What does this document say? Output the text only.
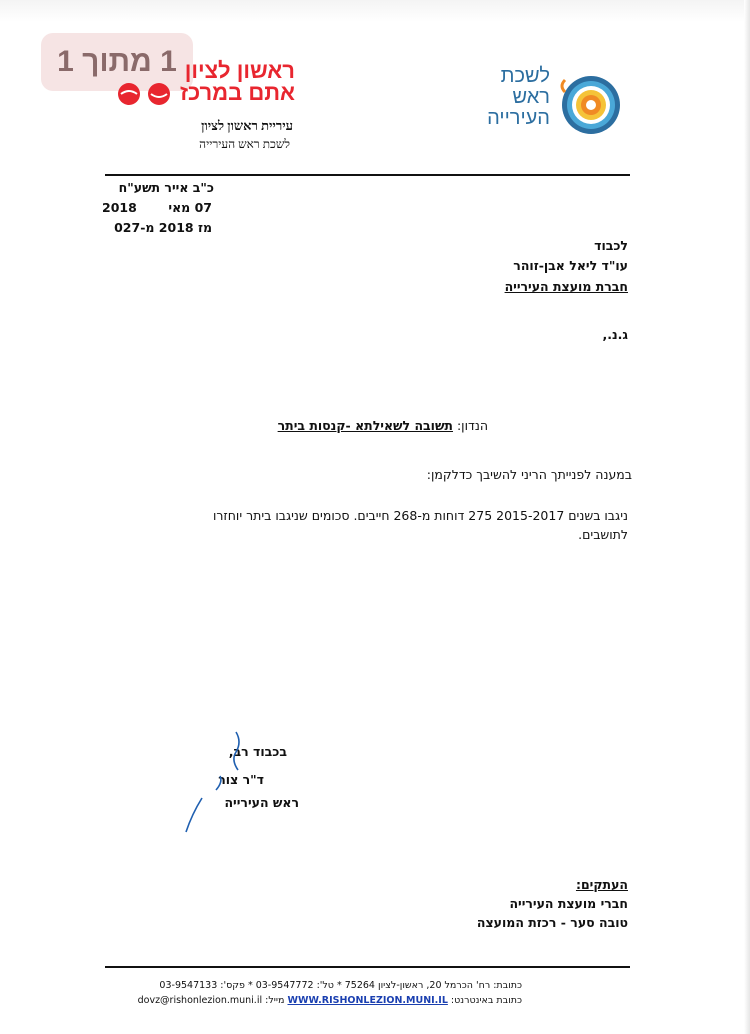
1 מתוך 1 ראשון לציון
אתם במרכז
עיריית ראשון לציון
לשכת ראש העירייה
לשכת
ראש
העירייה
כ"ב אייר תשע"ח
2018	07 מאי
מז 2018 מ-027
לכבוד
עו"ד ליאל אבן-זוהר
חברת מועצת העירייה
ג.נ.,
הנדון: תשובה לשאילתא -קנסות ביתר
במענה לפנייתך הריני להשיבך כדלקמן:
ניגבו בשנים 2015-2017 275 דוחות מ-268 חייבים. סכומים שניגבו ביתר יוחזרו
לתושבים.
בכבוד רב,
ד"ר צור
ראש העירייה
העתקים:
חברי מועצת העירייה
טובה סער - רכזת המועצה
כתובת: רח' הכרמל 20, ראשון-לציון 75264 * טל': 03-9547772 * פקס': 03-9547133
כתובת באינטרנט: WWW.RISHONLEZION.MUNI.IL מייל: dovz@rishonlezion.muni.il
